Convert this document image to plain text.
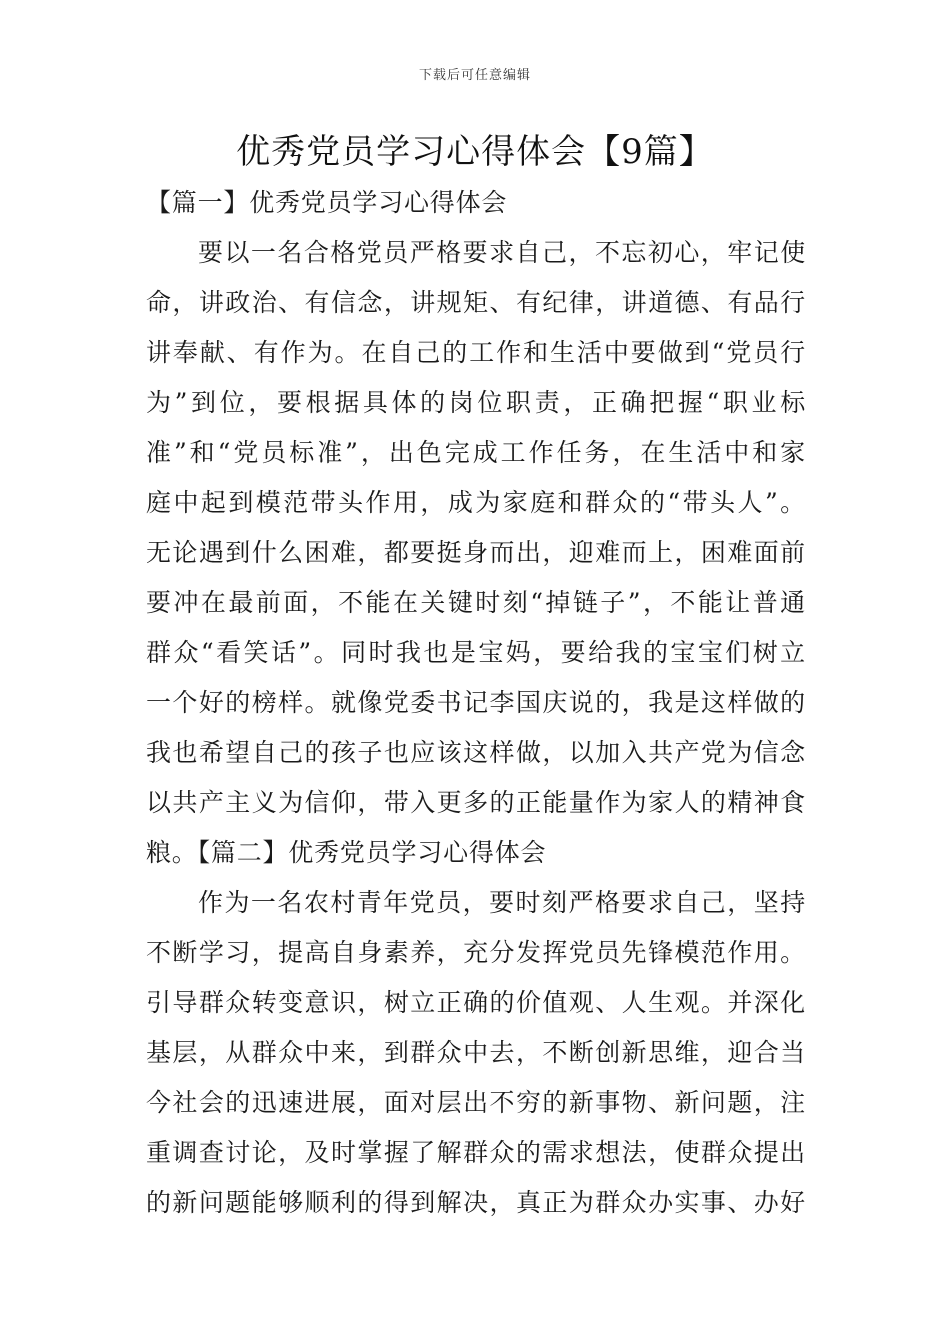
下载后可任意编辑
优秀党员学习心得体会【9篇】
【篇一】优秀党员学习心得体会
要以一名合格党员严格要求自己，不忘初心，牢记使
命，讲政治、有信念，讲规矩、有纪律，讲道德、有品行
讲奉献、有作为。在自己的工作和生活中要做到“党员行
为”到位，要根据具体的岗位职责，正确把握“职业标
准”和“党员标准”，出色完成工作任务，在生活中和家
庭中起到模范带头作用，成为家庭和群众的“带头人”。
无论遇到什么困难，都要挺身而出，迎难而上，困难面前
要冲在最前面，不能在关键时刻“掉链子”，不能让普通
群众“看笑话”。同时我也是宝妈，要给我的宝宝们树立
一个好的榜样。就像党委书记李国庆说的，我是这样做的
我也希望自己的孩子也应该这样做，以加入共产党为信念
以共产主义为信仰，带入更多的正能量作为家人的精神食
粮。【篇二】优秀党员学习心得体会
作为一名农村青年党员，要时刻严格要求自己，坚持
不断学习，提高自身素养，充分发挥党员先锋模范作用。
引导群众转变意识，树立正确的价值观、人生观。并深化
基层，从群众中来，到群众中去，不断创新思维，迎合当
今社会的迅速进展，面对层出不穷的新事物、新问题，注
重调查讨论，及时掌握了解群众的需求想法，使群众提出
的新问题能够顺利的得到解决，真正为群众办实事、办好
